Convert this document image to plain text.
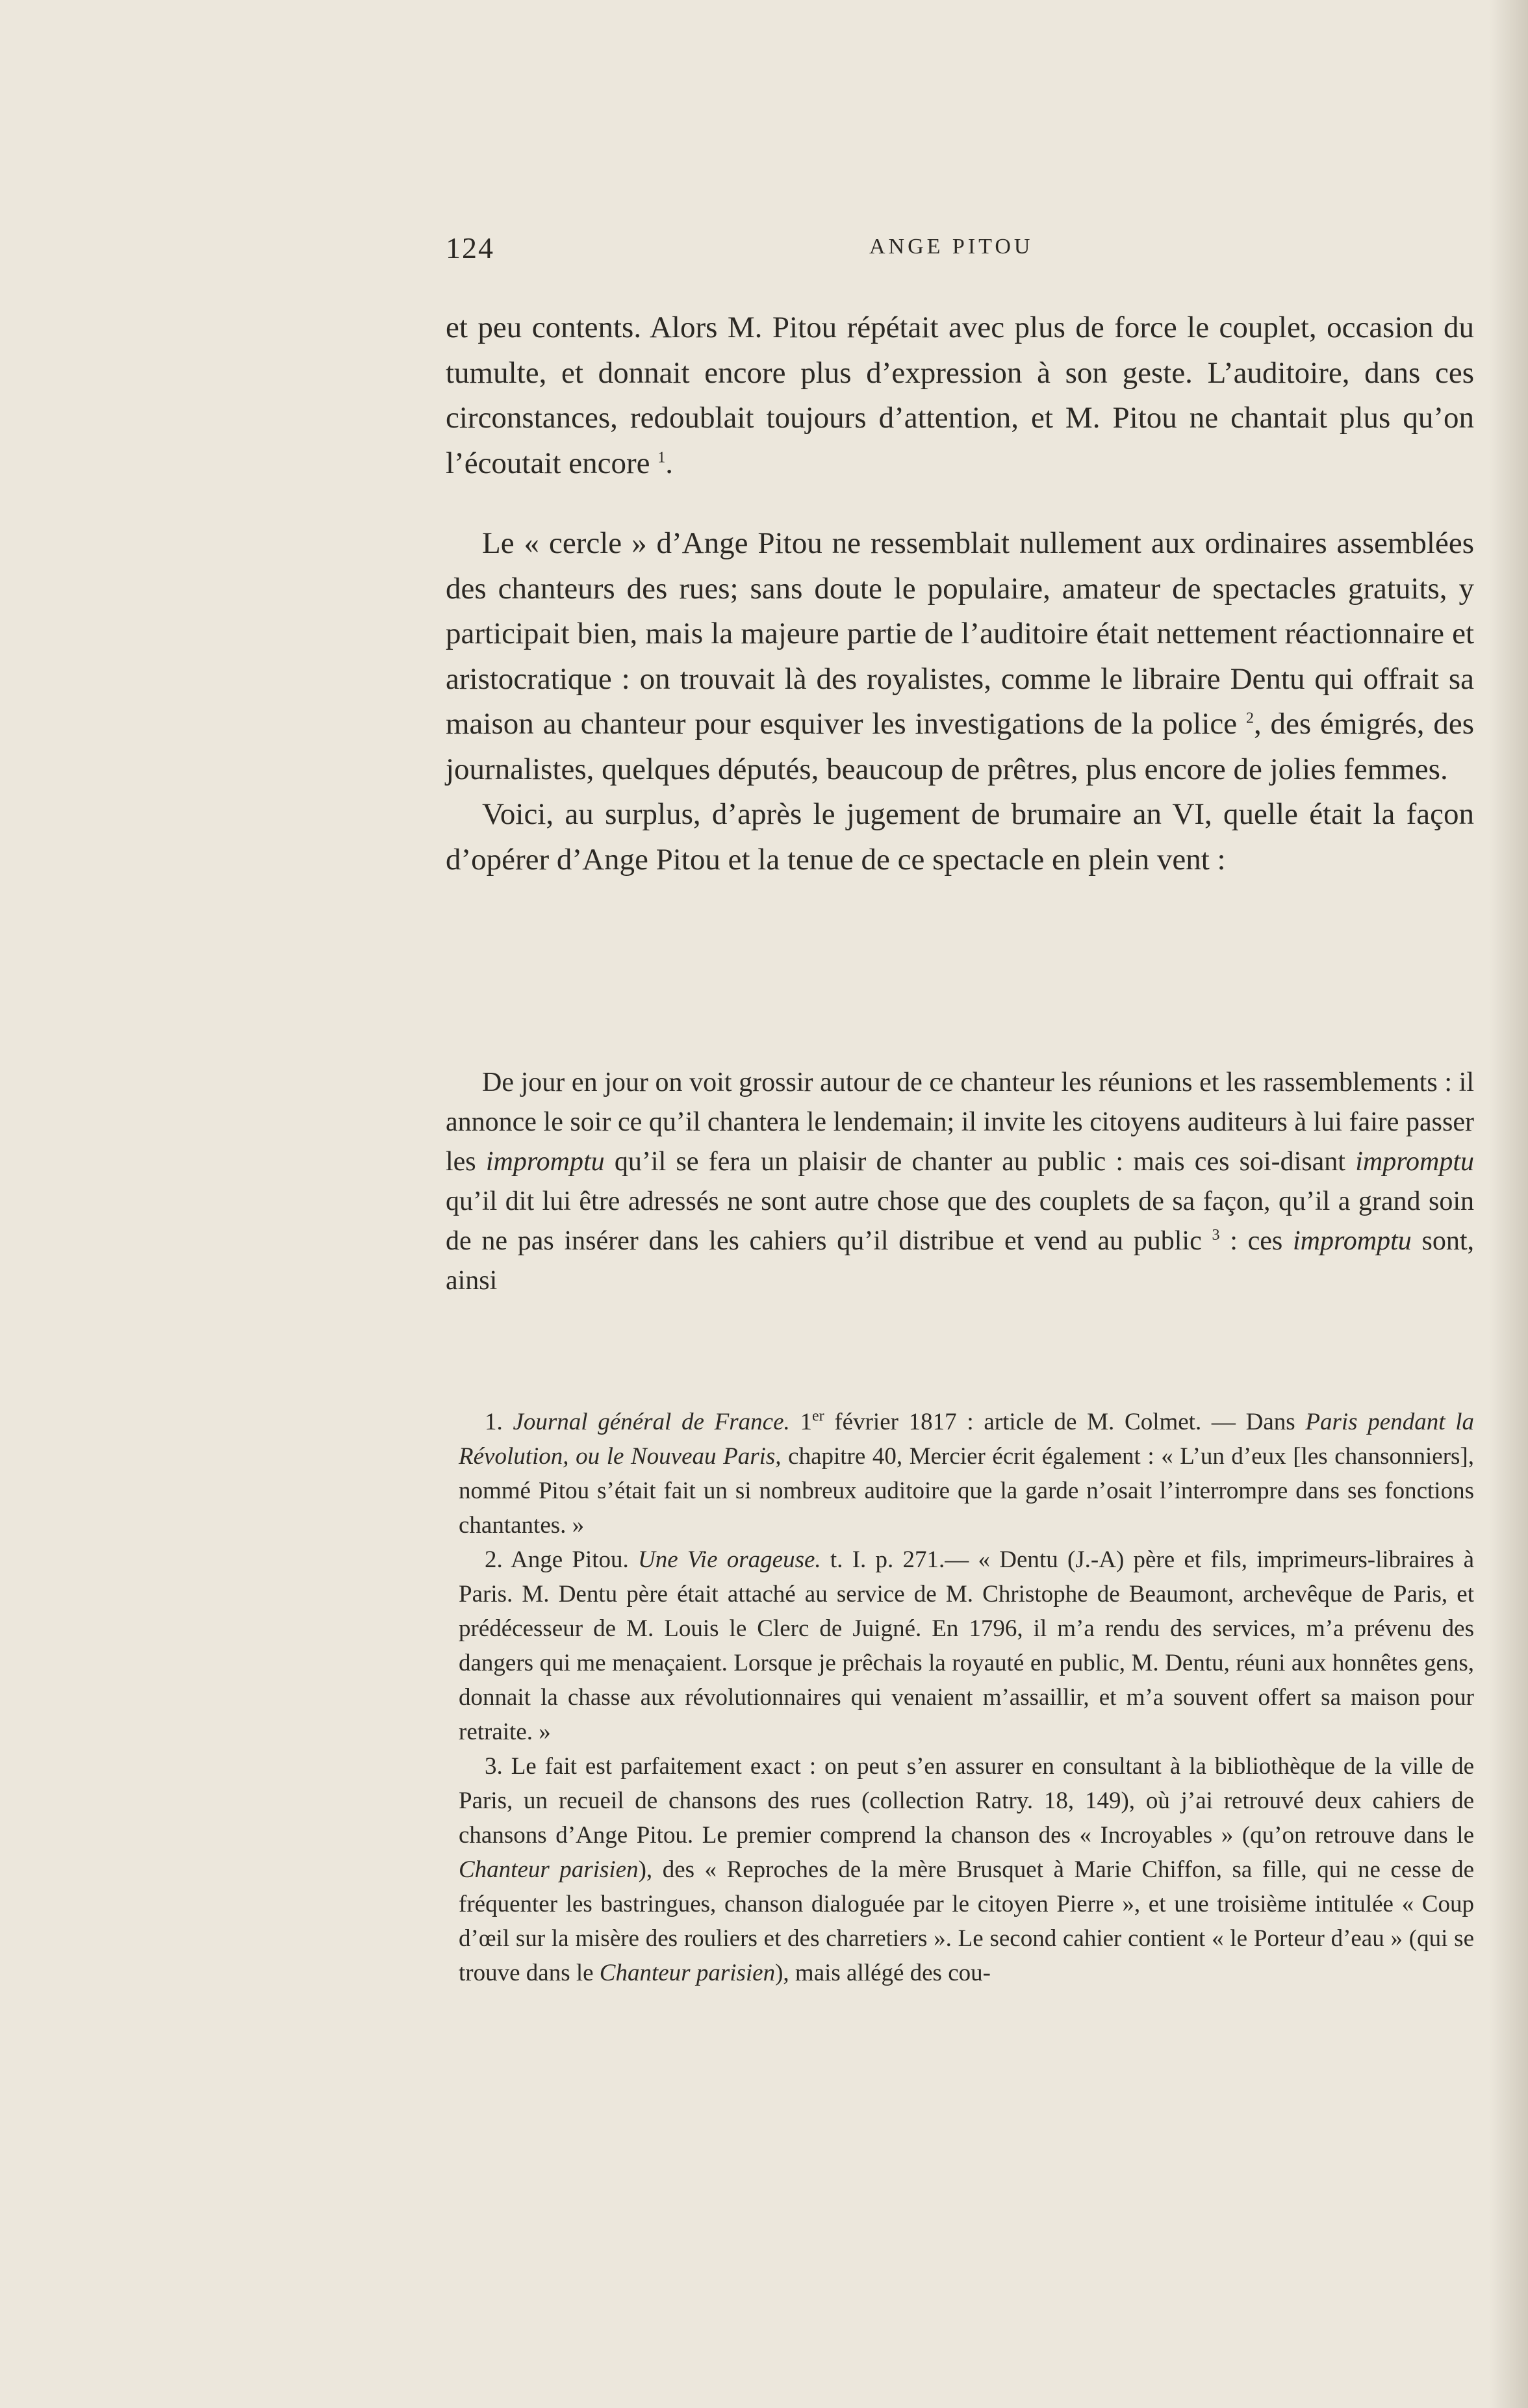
124	ANGE PITOU

et peu contents. Alors M. Pitou répétait avec plus de force le couplet, occasion du tumulte, et donnait encore plus d’expression à son geste. L’auditoire, dans ces circonstances, redoublait toujours d’attention, et M. Pitou ne chantait plus qu’on l’écoutait encore $^1$.

Le « cercle » d’Ange Pitou ne ressemblait nullement aux ordinaires assemblées des chanteurs des rues; sans doute le populaire, amateur de spectacles gratuits, y participait bien, mais la majeure partie de l’auditoire était nettement réactionnaire et aristocratique : on trouvait là des royalistes, comme le libraire Dentu qui offrait sa maison au chanteur pour esquiver les investigations de la police $^2$, des émigrés, des journalistes, quelques députés, beaucoup de prêtres, plus encore de jolies femmes.

Voici, au surplus, d’après le jugement de brumaire an VI, quelle était la façon d’opérer d’Ange Pitou et la tenue de ce spectacle en plein vent :

De jour en jour on voit grossir autour de ce chanteur les réunions et les rassemblements : il annonce le soir ce qu’il chantera le lendemain; il invite les citoyens auditeurs à lui faire passer les impromptu qu’il se fera un plaisir de chanter au public : mais ces soi-disant impromptu qu’il dit lui être adressés ne sont autre chose que des couplets de sa façon, qu’il a grand soin de ne pas insérer dans les cahiers qu’il distribue et vend au public $^3$ : ces impromptu sont, ainsi

1. Journal général de France. 1er février 1817 : article de M. Colmet. — Dans Paris pendant la Révolution, ou le Nouveau Paris, chapitre 40, Mercier écrit également : « L’un d’eux [les chansonniers], nommé Pitou s’était fait un si nombreux auditoire que la garde n’osait l’interrompre dans ses fonctions chantantes. »

2. Ange Pitou. Une Vie orageuse. t. I. p. 271.— « Dentu (J.-A) père et fils, imprimeurs-libraires à Paris. M. Dentu père était attaché au service de M. Christophe de Beaumont, archevêque de Paris, et prédécesseur de M. Louis le Clerc de Juigné. En 1796, il m’a rendu des services, m’a prévenu des dangers qui me menaçaient. Lorsque je prêchais la royauté en public, M. Dentu, réuni aux honnêtes gens, donnait la chasse aux révolutionnaires qui venaient m’assaillir, et m’a souvent offert sa maison pour retraite. »

3. Le fait est parfaitement exact : on peut s’en assurer en consultant à la bibliothèque de la ville de Paris, un recueil de chansons des rues (collection Ratry. 18, 149), où j’ai retrouvé deux cahiers de chansons d’Ange Pitou. Le premier comprend la chanson des « Incroyables » (qu’on retrouve dans le Chanteur parisien), des « Reproches de la mère Brusquet à Marie Chiffon, sa fille, qui ne cesse de fréquenter les bastringues, chanson dialoguée par le citoyen Pierre », et une troisième intitulée « Coup d’œil sur la misère des rouliers et des charretiers ». Le second cahier contient « le Porteur d’eau » (qui se trouve dans le Chanteur parisien), mais allégé des cou-
